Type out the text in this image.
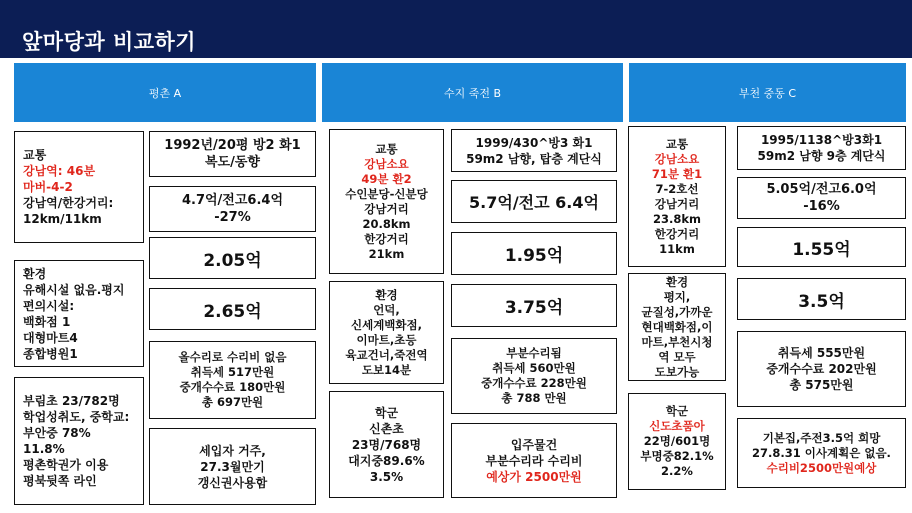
앞마당과 비교하기
평촌 A	수지 죽전 B	부천 중동 C
교통
강남역: 46분
마버-4-2
강남역/한강거리:
12km/11km
환경
유해시설 없음.평지
편의시설:
백화점 1
대형마트4
종합병원1
부림초 23/782명
학업성취도, 중학교:
부안중 78%
11.8%
평촌학권가 이용
평북뒷쪽 라인
1992년/20평 방2 화1
복도/동향
4.7억/전고6.4억
-27%
2.05억
2.65억
올수리로 수리비 없음
취득세 517만원
중개수수료 180만원
총 697만원
세입자 거주,
27.3월만기
갱신권사용함
교통
강남소요
49분 환2
수인분당-신분당
강남거리
20.8km
한강거리
21km
환경
언덕,
신세계백화점,
이마트,초등
육교건너,죽전역
도보14분
학군
신촌초
23명/768명
대지중89.6%
3.5%
1999/430^방3 화1
59m2 남향, 탑층 계단식
5.7억/전고 6.4억
1.95억
3.75억
부분수리됨
취득세 560만원
중개수수료 228만원
총 788 만원
입주물건
부분수리라 수리비
예상가 2500만원
교통
강남소요
71분 환1
7-2호선
강남거리
23.8km
한강거리
11km
환경
평지,
균질성,가까운
현대백화점,이
마트,부천시청
역 모두
도보가능
학군
신도초품아
22명/601명
부명중82.1%
2.2%
1995/1138^방3화1
59m2 남향 9층 계단식
5.05억/전고6.0억
-16%
1.55억
3.5억
취득세 555만원
중개수수료 202만원
총 575만원
기본집,주전3.5억 희망
27.8.31 이사계획은 없음.
수리비2500만원예상
